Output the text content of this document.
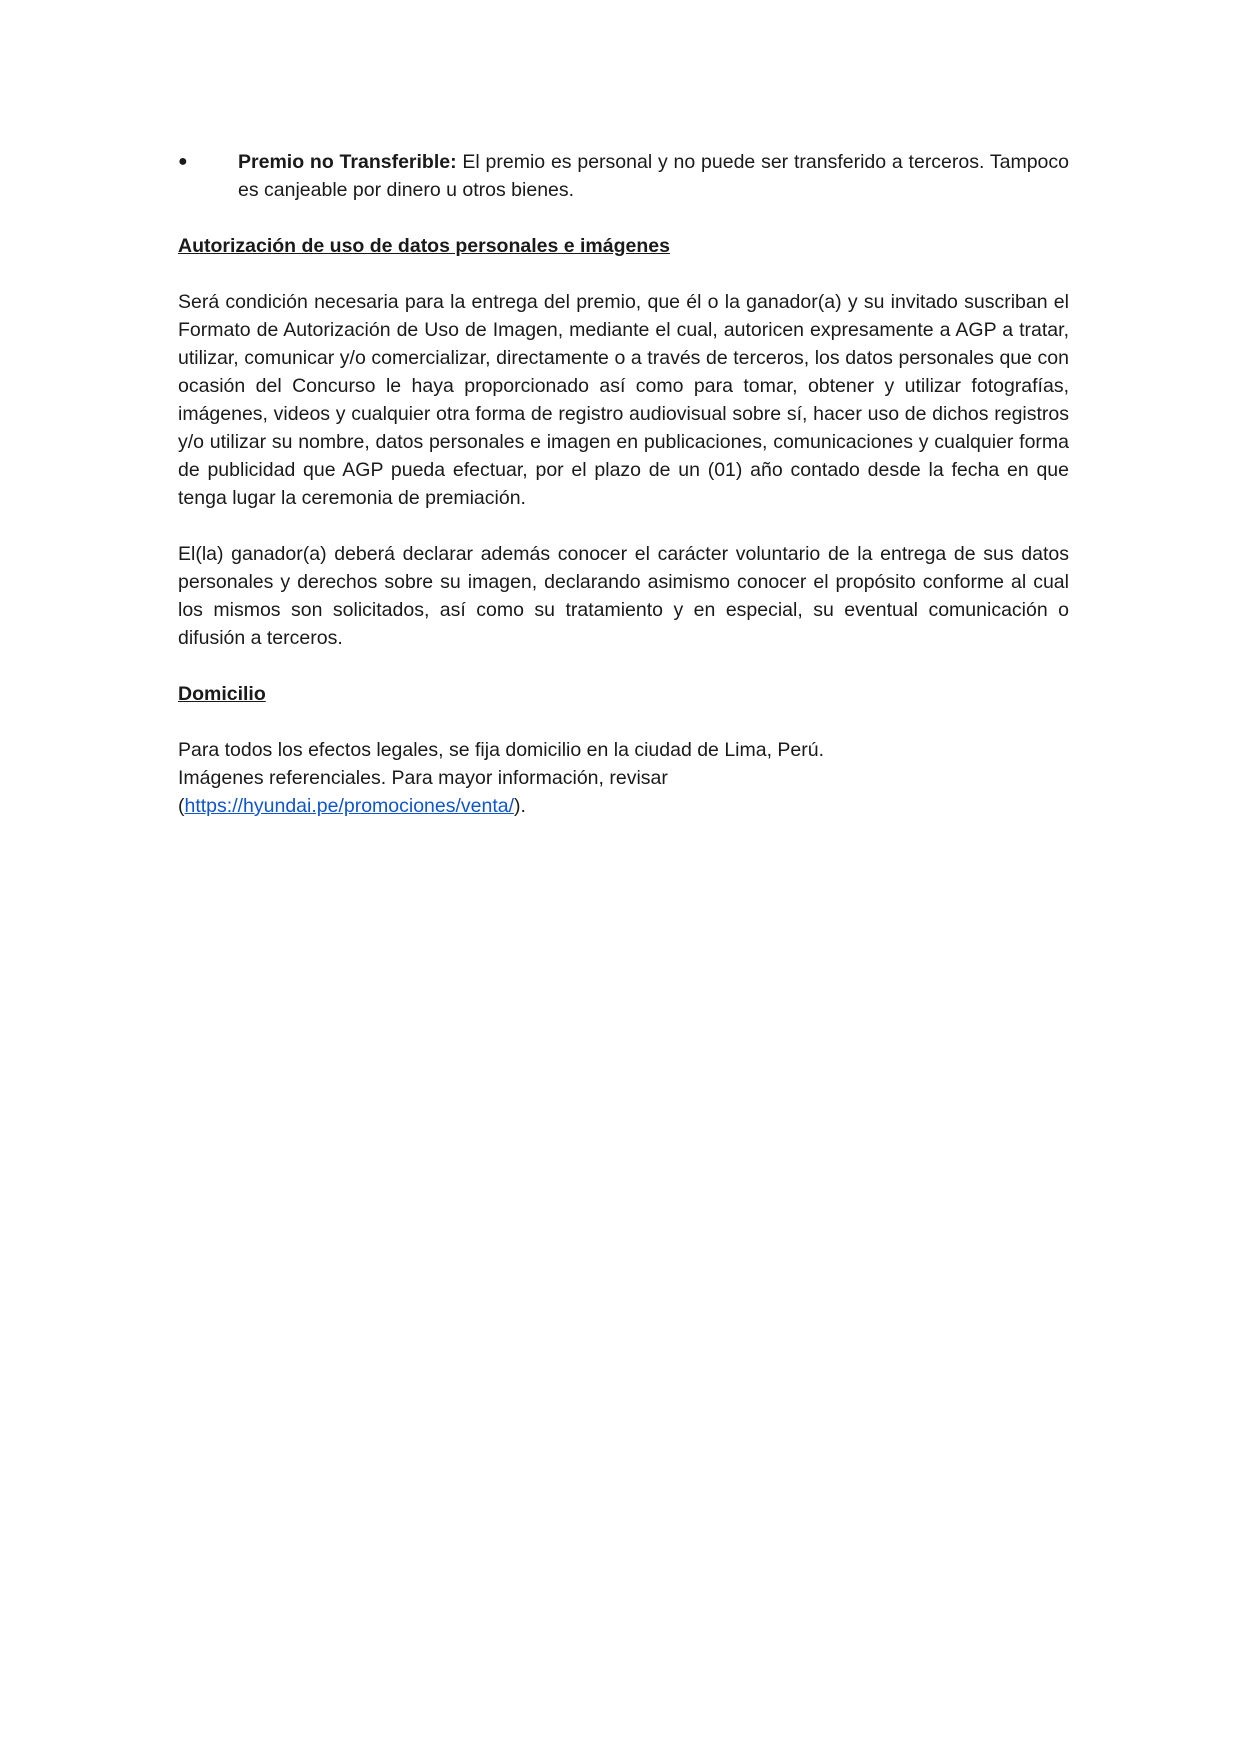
●	Premio no Transferible: El premio es personal y no puede ser transferido a terceros. Tampoco es canjeable por dinero u otros bienes.
Autorización de uso de datos personales e imágenes

Será condición necesaria para la entrega del premio, que él o la ganador(a) y su invitado suscriban el Formato de Autorización de Uso de Imagen, mediante el cual, autoricen expresamente a AGP a tratar, utilizar, comunicar y/o comercializar, directamente o a través de terceros, los datos personales que con ocasión del Concurso le haya proporcionado así como para tomar, obtener y utilizar fotografías, imágenes, videos y cualquier otra forma de registro audiovisual sobre sí, hacer uso de dichos registros y/o utilizar su nombre, datos personales e imagen en publicaciones, comunicaciones y cualquier forma de publicidad que AGP pueda efectuar, por el plazo de un (01) año contado desde la fecha en que tenga lugar la ceremonia de premiación.

El(la) ganador(a) deberá declarar además conocer el carácter voluntario de la entrega de sus datos personales y derechos sobre su imagen, declarando asimismo conocer el propósito conforme al cual los mismos son solicitados, así como su tratamiento y en especial, su eventual comunicación o difusión a terceros.

Domicilio
Para todos los efectos legales, se fija domicilio en la ciudad de Lima, Perú.
Imágenes referenciales. Para mayor información, revisar
(https://hyundai.pe/promociones/venta/).
